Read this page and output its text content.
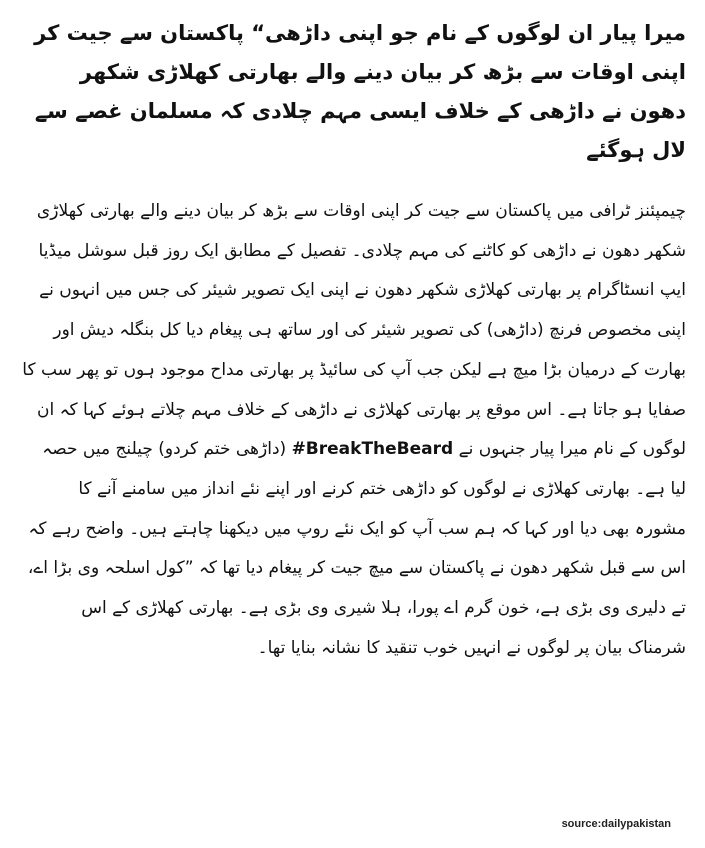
میرا پیار ان لوگوں کے نام جو اپنی داڑھی“ پاکستان سے جیت کر اپنی اوقات سے بڑھ کر بیان دینے والے بھارتی کھلاڑی شکھر دھون نے داڑھی کے خلاف ایسی مہم چلادی کہ مسلمان غصے سے لال ہوگئے

چیمپئنز ٹرافی میں پاکستان سے جیت کر اپنی اوقات سے بڑھ کر بیان دینے والے بھارتی کھلاڑی شکھر دھون نے داڑھی کو کاٹنے کی مہم چلادی۔ تفصیل کے مطابق ایک روز قبل سوشل میڈیا ایپ انسٹاگرام پر بھارتی کھلاڑی شکھر دھون نے اپنی ایک تصویر شیئر کی جس میں انہوں نے اپنی مخصوص فرنچ (داڑھی) کی تصویر شیئر کی اور ساتھ ہی پیغام دیا کل بنگلہ دیش اور بھارت کے درمیان بڑا میچ ہے لیکن جب آپ کی سائیڈ پر بھارتی مداح موجود ہوں تو پھر سب کا صفایا ہو جاتا ہے۔ اس موقع پر بھارتی کھلاڑی نے داڑھی کے خلاف مہم چلاتے ہوئے کہا کہ ان لوگوں کے نام میرا پیار جنہوں نے #BreakTheBeard (داڑھی ختم کردو) چیلنج میں حصہ لیا ہے۔ بھارتی کھلاڑی نے لوگوں کو داڑھی ختم کرنے اور اپنے نئے انداز میں سامنے آنے کا مشورہ بھی دیا اور کہا کہ ہم سب آپ کو ایک نئے روپ میں دیکھنا چاہتے ہیں۔ واضح رہے کہ اس سے قبل شکھر دھون نے پاکستان سے میچ جیت کر پیغام دیا تھا کہ ”کول اسلحہ وی بڑا اے، تے دلیری وی بڑی ہے، خون گرم اے پورا، ہلا شیری وی بڑی ہے۔ بھارتی کھلاڑی کے اس شرمناک بیان پر لوگوں نے انہیں خوب تنقید کا نشانہ بنایا تھا۔

source:dailypakistan
